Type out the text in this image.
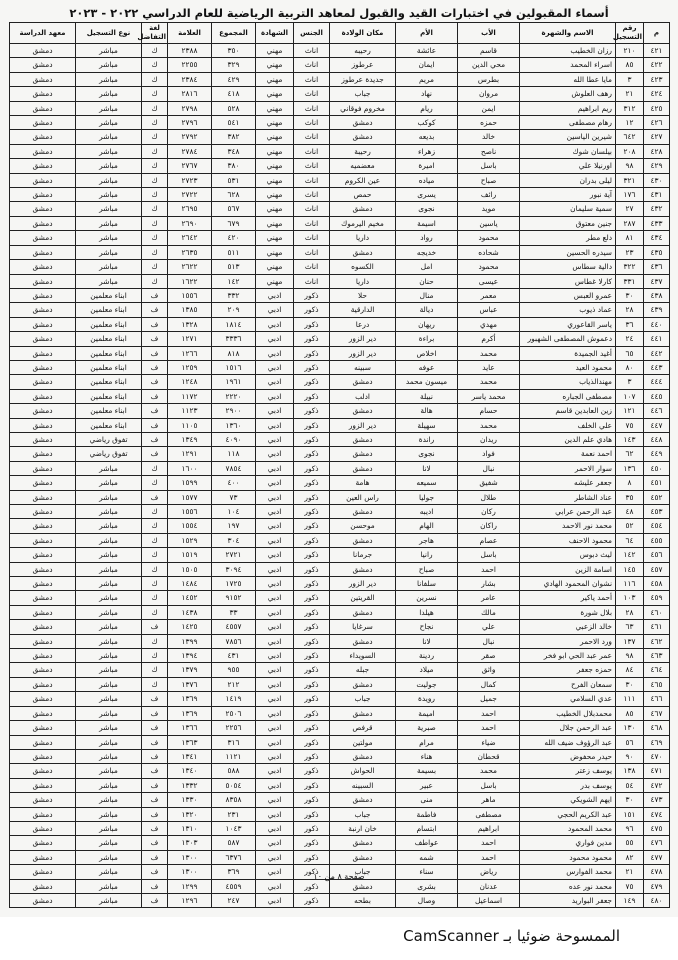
أسماء المقبولين في اختبارات القيد والقبول لمعاهد التربية الرياضية للعام الدراسي ٢٠٢٢ - ٢٠٢٣
م	رقم التسجيل	الاسم والشهرة	الأب	الأم	مكان الولادة	الجنس	الشهادة	المجموع	العلامة	لغة التفاضل	نوع التسجيل	معهد الدراسة
٤٢١	٢١٠	رزان الخطيب	قاسم	عائشة	رحيبه	اناث	مهني	٣٥٠	٢٣٨٨	ك	مباشر	دمشق
٤٢٢	٨٥	اسراء المحمد	محي الدين	ايمان	عرطوز	اناث	مهني	٣٢٩	٢٢٥٥	ك	مباشر	دمشق
٤٢٣	٣	مايا عطا الله	بطرس	مريم	جديدة عرطوز	اناث	مهني	٤٢٩	٢٣٨٤	ك	مباشر	دمشق
٤٢٤	٢١	رهف العلوش	مروان	نهاد	جباب	اناث	مهني	٤١٨	٢٨١٦	ك	مباشر	دمشق
٤٢٥	٣١٢	ريم ابراهيم	ايمن	ريام	مخروم فوقاني	اناث	مهني	٥٢٨	٢٧٩٨	ك	مباشر	دمشق
٤٢٦	١٢	رهام مصطفى	حمزه	كوكب	دمشق	اناث	مهني	٥٤١	٢٧٩٦	ك	مباشر	دمشق
٤٢٧	٦٤٢	شيرين الياسين	خالد	بديعه	دمشق	اناث	مهني	٣٨٢	٢٧٩٢	ك	مباشر	دمشق
٤٢٨	٢٠٨	بيلسان شوك	ناصح	زهراء	رحيبة	اناث	مهني	٣٤٨	٢٧٨٤	ك	مباشر	دمشق
٤٢٩	٩٨	اورنيلا علي	باسل	اميرة	معضميه	اناث	مهني	٣٨٠	٢٧٦٧	ك	مباشر	دمشق
٤٣٠	٣٢١	ليلى بدران	صباح	مياده	عين الكروم	اناث	مهني	٥٣١	٢٧٢٣	ك	مباشر	دمشق
٤٣١	١٧٦	آية نبور	رائف	يسرى	حمص	اناث	مهني	٦٢٨	٢٧٢٢	ك	مباشر	دمشق
٤٣٢	٢٧	سمية سليمان	مويد	نجوى	دمشق	اناث	مهني	٥٦٧	٢٦٩٥	ك	مباشر	دمشق
٤٣٣	٢٨٧	جنين معتوق	ياسين	اسيمة	مخيم اليرموك	اناث	مهني	٦٧٩	٢٦٩٠	ك	مباشر	دمشق
٤٣٤	٨١	دلع مطر	محمود	رواد	داريا	اناث	مهني	٤٢٠	٢٦٤٢	ك	مباشر	دمشق
٤٣٥	٢٣	سيدره الحسين	شحاده	خديجه	دمشق	اناث	مهني	٥١١	٢٦٣٥	ك	مباشر	دمشق
٤٣٦	٣٢٢	دالية سطاس	محمود	امل	الكسوه	اناث	مهني	٥١٣	٢٦٢٢	ك	مباشر	دمشق
٤٣٧	٣٣١	كارلا غطاس	عيسى	حنان	داريا	اناث	مهني	١٤٢	١٦٢٢	ك	مباشر	دمشق
٤٣٨	٣٠	عمرو العبس	معمر	منال	حلا	ذكور	ادبي	٣٣٢	١٥٥٦	ف	ابناء معلمين	دمشق
٤٣٩	٢٨	عماد ذيوب	عباس	ديالة	الدارقية	ذكور	ادبي	٢٠٩	١٣٨٥	ف	ابناء معلمين	دمشق
٤٤٠	٣٦	ياسر القاعوري	مهدي	ريهان	درعا	ذكور	ادبي	١٨١٤	١٣٢٨	ف	ابناء معلمين	دمشق
٤٤١	٢٤	دعموش المصطفى الشهبور	أكرم	براءة	دير الزور	ذكور	ادبي	٣٣٣٦	١٢٧١	ف	ابناء معلمين	دمشق
٤٤٢	٦٥	أغيد الجميدة	محمد	اخلاص	دير الزور	ذكور	ادبي	٨١٨	١٢٦٦	ف	ابناء معلمين	دمشق
٤٤٣	٨٠	محمود العيد	عايد	عوفه	سبينه	ذكور	ادبي	١٥١٦	١٢٥٩	ف	ابناء معلمين	دمشق
٤٤٤	٣	مهندالذياب	محمد	ميسون محمد	دمشق	ذكور	ادبي	١٩٦١	١٢٤٨	ف	ابناء معلمين	دمشق
٤٤٥	١٠٧	مصطفى الجباره	محمد ياسر	نبيلة	ادلب	ذكور	ادبي	٢٢٢٠	١١٧٢	ف	ابناء معلمين	دمشق
٤٤٦	١٢١	زين العابدين قاسم	حسام	هالة	دمشق	ذكور	ادبي	٢٩٠٠	١١٢٣	ف	ابناء معلمين	دمشق
٤٤٧	٧٥	علي الخلف	محمد	سهيلة	دير الزور	ذكور	ادبي	١٣٦٠	١١٠٥	ف	ابناء معلمين	دمشق
٤٤٨	١٤٣	هادي علم الدين	ريدان	راندة	دمشق	ذكور	ادبي	٤٠٩٠	١٣٤٩	ف	تفوق رياضي	دمشق
٤٤٩	٦٢	احمد نعمة	فواد	نجوى	دمشق	ذكور	ادبي	١١٨	١٢٩١	ف	تفوق رياضي	دمشق
٤٥٠	١٣٦	سوار الاحمر	نبال	لانا	دمشق	ذكور	ادبي	٧٨٥٤	١٦٠٠	ك	مباشر	دمشق
٤٥١	٨	جعفر عليشه	شفيق	سميعه	هامة	ذكور	ادبي	٤٠٠	١٥٩٩	ك	مباشر	دمشق
٤٥٢	٣٥	عناد الشاطر	طلال	جوليا	راس العين	ذكور	ادبي	٧٣	١٥٧٧	ف	مباشر	دمشق
٤٥٣	٤٨	عبد الرحمن عرابي	ركان	اديبه	دمشق	ذكور	ادبي	١٠٤	١٥٥٦	ك	مباشر	دمشق
٤٥٤	٥٢	محمد نور الاحمد	راكان	الهام	موحسن	ذكور	ادبي	١٩٧	١٥٥٤	ك	مباشر	دمشق
٤٥٥	٦٤	محمود الاحنف	عصام	هاجر	دمشق	ذكور	ادبي	٣٠٤	١٥٢٩	ك	مباشر	دمشق
٤٥٦	١٤٢	ليث دبوس	باسل	رانيا	جرمانا	ذكور	ادبي	٢٧٢١	١٥١٩	ك	مباشر	دمشق
٤٥٧	١٤٥	اسامة الزين	احمد	صباح	دمشق	ذكور	ادبي	٣٠٩٤	١٥٠٥	ك	مباشر	دمشق
٤٥٨	١١٦	نشوان المحمود الهادي	بشار	سلفانا	دير الزور	ذكور	ادبي	١٧٢٥	١٤٨٤	ك	مباشر	دمشق
٤٥٩	١٠٣	أحمد ياكير	عامر	نسرين	القريتين	ذكور	ادبي	٩١٥٢	١٤٥٢	ك	مباشر	دمشق
٤٦٠	٢٨	بلال شورة	مالك	هيلدا	دمشق	ذكور	ادبي	٣٣	١٤٣٨	ك	مباشر	دمشق
٤٦١	٦٣	خالد الزعبي	علي	نجاح	سرغايا	ذكور	ادبي	٤٥٥٧	١٤٢٥	ف	مباشر	دمشق
٤٦٢	١٣٧	ورد الاحمر	نبال	لانا	دمشق	ذكور	ادبي	٧٨٥٦	١٣٩٩	ك	مباشر	دمشق
٤٦٣	٩٨	عمر عبد الحي ابو فخر	صقر	ردينة	السويداء	ذكور	ادبي	٤٣١	١٣٩٤	ك	مباشر	دمشق
٤٦٤	٨٤	حمزه جعفر	واثق	ميلاد	جبله	ذكور	ادبي	٩٥٥	١٣٧٩	ك	مباشر	دمشق
٤٦٥	٣٠	سمعان الفرح	كمال	جوليت	دمشق	ذكور	ادبي	٢١٢	١٣٧٦	ك	مباشر	دمشق
٤٦٦	١١١	عدي السلامي	جميل	رويدة	جباب	ذكور	ادبي	١٤١٩	١٣٦٩	ف	مباشر	دمشق
٤٦٧	٨٥	محمدبلال الخطيب	احمد	اميمة	دمشق	ذكور	ادبي	٢٥٠٦	١٣٦٩	ف	مباشر	دمشق
٤٦٨	١٣٠	عبد الرحمن جلال	احمد	صبرية	قرفص	ذكور	ادبي	٢٢٥٦	١٣٦٦	ف	مباشر	دمشق
٤٦٩	٥٦	عبد الرؤوف ضيف الله	ضياء	مرام	مولتين	ذكور	ادبي	٣١٦	١٣٦٣	ف	مباشر	دمشق
٤٧٠	٩٠	حيدر محفوض	قحطان	هناء	دمشق	ذكور	ادبي	١١٢١	١٣٤١	ف	مباشر	دمشق
٤٧١	١٣٨	يوسف زعتر	محمد	بسيمة	الحواش	ذكور	ادبي	٥٨٨	١٣٤٠	ف	مباشر	دمشق
٤٧٢	٥٤	يوسف بدر	باسل	عبير	السبينه	ذكور	ادبي	٥٠٥٤	١٣٣٢	ف	مباشر	دمشق
٤٧٣	٣٠	ايهم الشويكي	ماهر	منى	دمشق	ذكور	ادبي	٨٣٥٨	١٣٣٠	ف	مباشر	دمشق
٤٧٤	١٥١	عبد الكريم الحجي	مصطفى	فاطمة	جباب	ذكور	ادبي	٢٣١	١٣٢٠	ف	مباشر	دمشق
٤٧٥	٩٦	محمد المحمود	ابراهيم	ابتسام	خان ارنبة	ذكور	ادبي	١٠٤٣	١٣١٠	ف	مباشر	دمشق
٤٧٦	٥٥	مدين فواري	احمد	عواطف	دمشق	ذكور	ادبي	٥٨٧	١٣٠٣	ف	مباشر	دمشق
٤٧٧	٨٢	محمود محمود	احمد	شمه	دمشق	ذكور	ادبي	٦٣٧٦	١٣٠٠	ف	مباشر	دمشق
٤٧٨	٢١	محمد الفوارس	رياض	سناء	جباب	ذكور	ادبي	٣٦٩	١٣٠٠	ف	مباشر	دمشق
٤٧٩	٧٥	محمد نور عده	عدنان	بشرى	دمشق	ذكور	ادبي	٤٥٥٩	١٢٩٩	ف	مباشر	دمشق
٤٨٠	١٤٩	جعفر البواريد	اسماعيل	وصال	بطحه	ذكور	ادبي	٢٤٧	١٢٩٦	ف	مباشر	دمشق
صفحة ٨ من ١٠
الممسوحة ضوئيا بـ CamScanner
